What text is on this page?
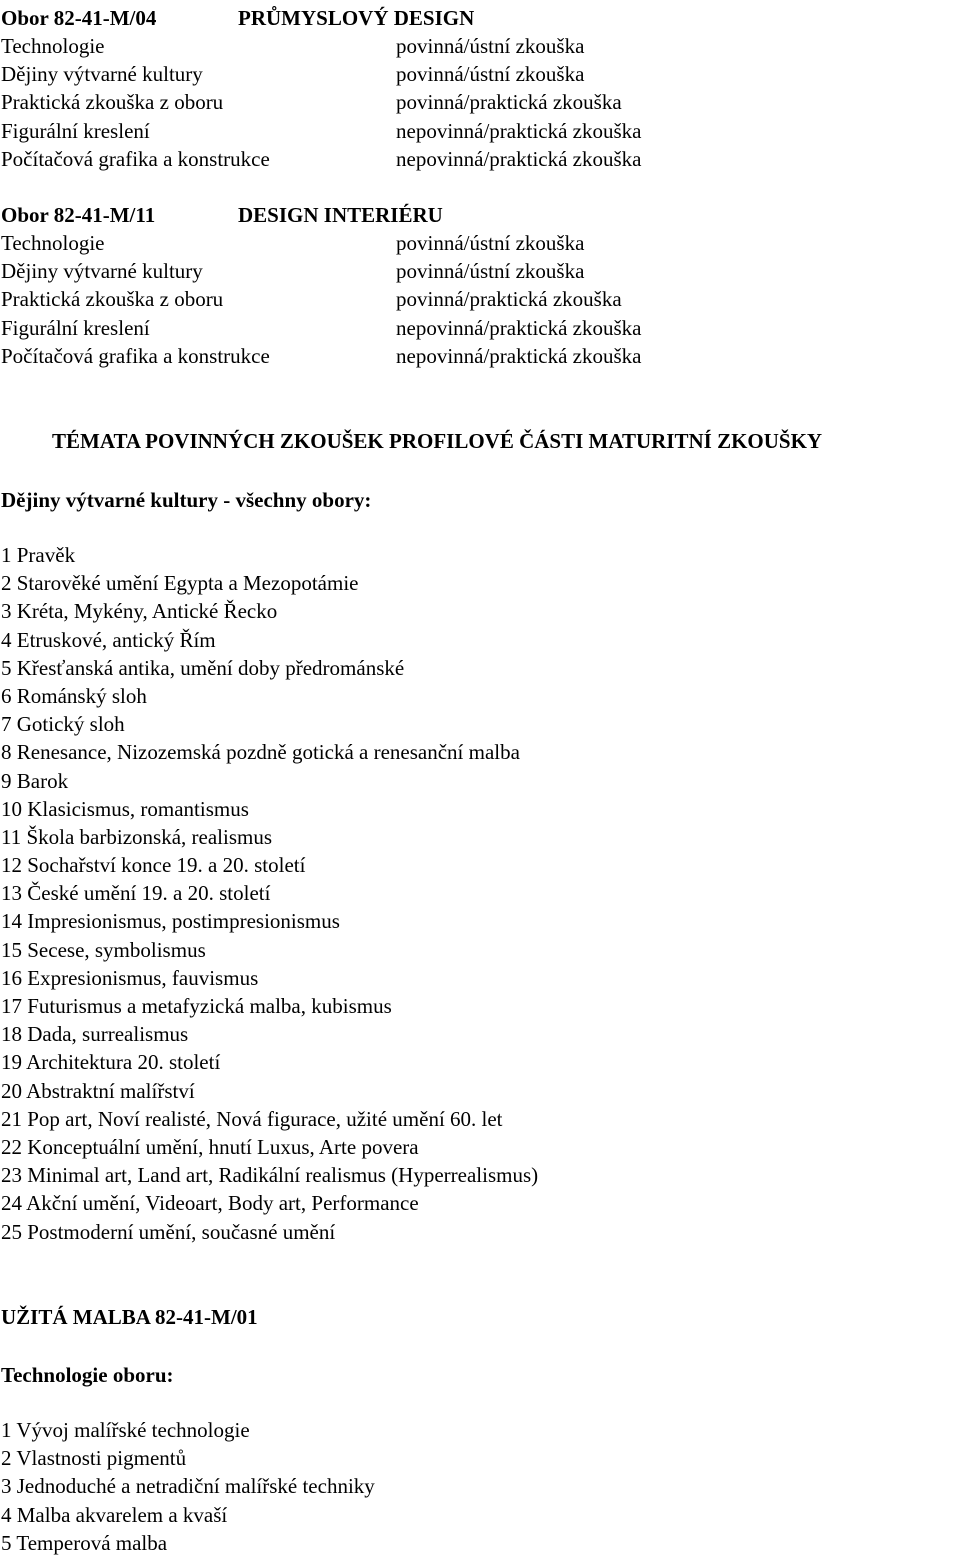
Obor 82-41-M/04	PRŮMYSLOVÝ DESIGN
Technologie	povinná/ústní zkouška
Dějiny výtvarné kultury	povinná/ústní zkouška
Praktická zkouška z oboru	povinná/praktická zkouška
Figurální kreslení	nepovinná/praktická zkouška
Počítačová grafika a konstrukce	nepovinná/praktická zkouška
Obor 82-41-M/11	DESIGN INTERIÉRU
Technologie	povinná/ústní zkouška
Dějiny výtvarné kultury	povinná/ústní zkouška
Praktická zkouška z oboru	povinná/praktická zkouška
Figurální kreslení	nepovinná/praktická zkouška
Počítačová grafika a konstrukce	nepovinná/praktická zkouška
TÉMATA POVINNÝCH ZKOUŠEK PROFILOVÉ ČÁSTI MATURITNÍ ZKOUŠKY
Dějiny výtvarné kultury - všechny obory:
1 Pravěk
2 Starověké umění Egypta a Mezopotámie
3 Kréta, Mykény, Antické Řecko
4 Etruskové, antický Řím
5 Křesťanská antika, umění doby předrománské
6 Románský sloh
7 Gotický sloh
8 Renesance, Nizozemská pozdně gotická a renesanční malba
9 Barok
10 Klasicismus, romantismus
11 Škola barbizonská, realismus
12 Sochařství konce 19. a 20. století
13 České umění 19. a 20. století
14 Impresionismus, postimpresionismus
15 Secese, symbolismus
16 Expresionismus, fauvismus
17 Futurismus a metafyzická malba, kubismus
18 Dada, surrealismus
19 Architektura 20. století
20 Abstraktní malířství
21 Pop art, Noví realisté, Nová figurace, užité umění 60. let
22 Konceptuální umění, hnutí Luxus, Arte povera
23 Minimal art, Land art, Radikální realismus (Hyperrealismus)
24 Akční umění, Videoart, Body art, Performance
25 Postmoderní umění, současné umění
UŽITÁ MALBA 82-41-M/01
Technologie oboru:
1 Vývoj malířské technologie
2 Vlastnosti pigmentů
3 Jednoduché a netradiční malířské techniky
4 Malba akvarelem a kvaší
5 Temperová malba
